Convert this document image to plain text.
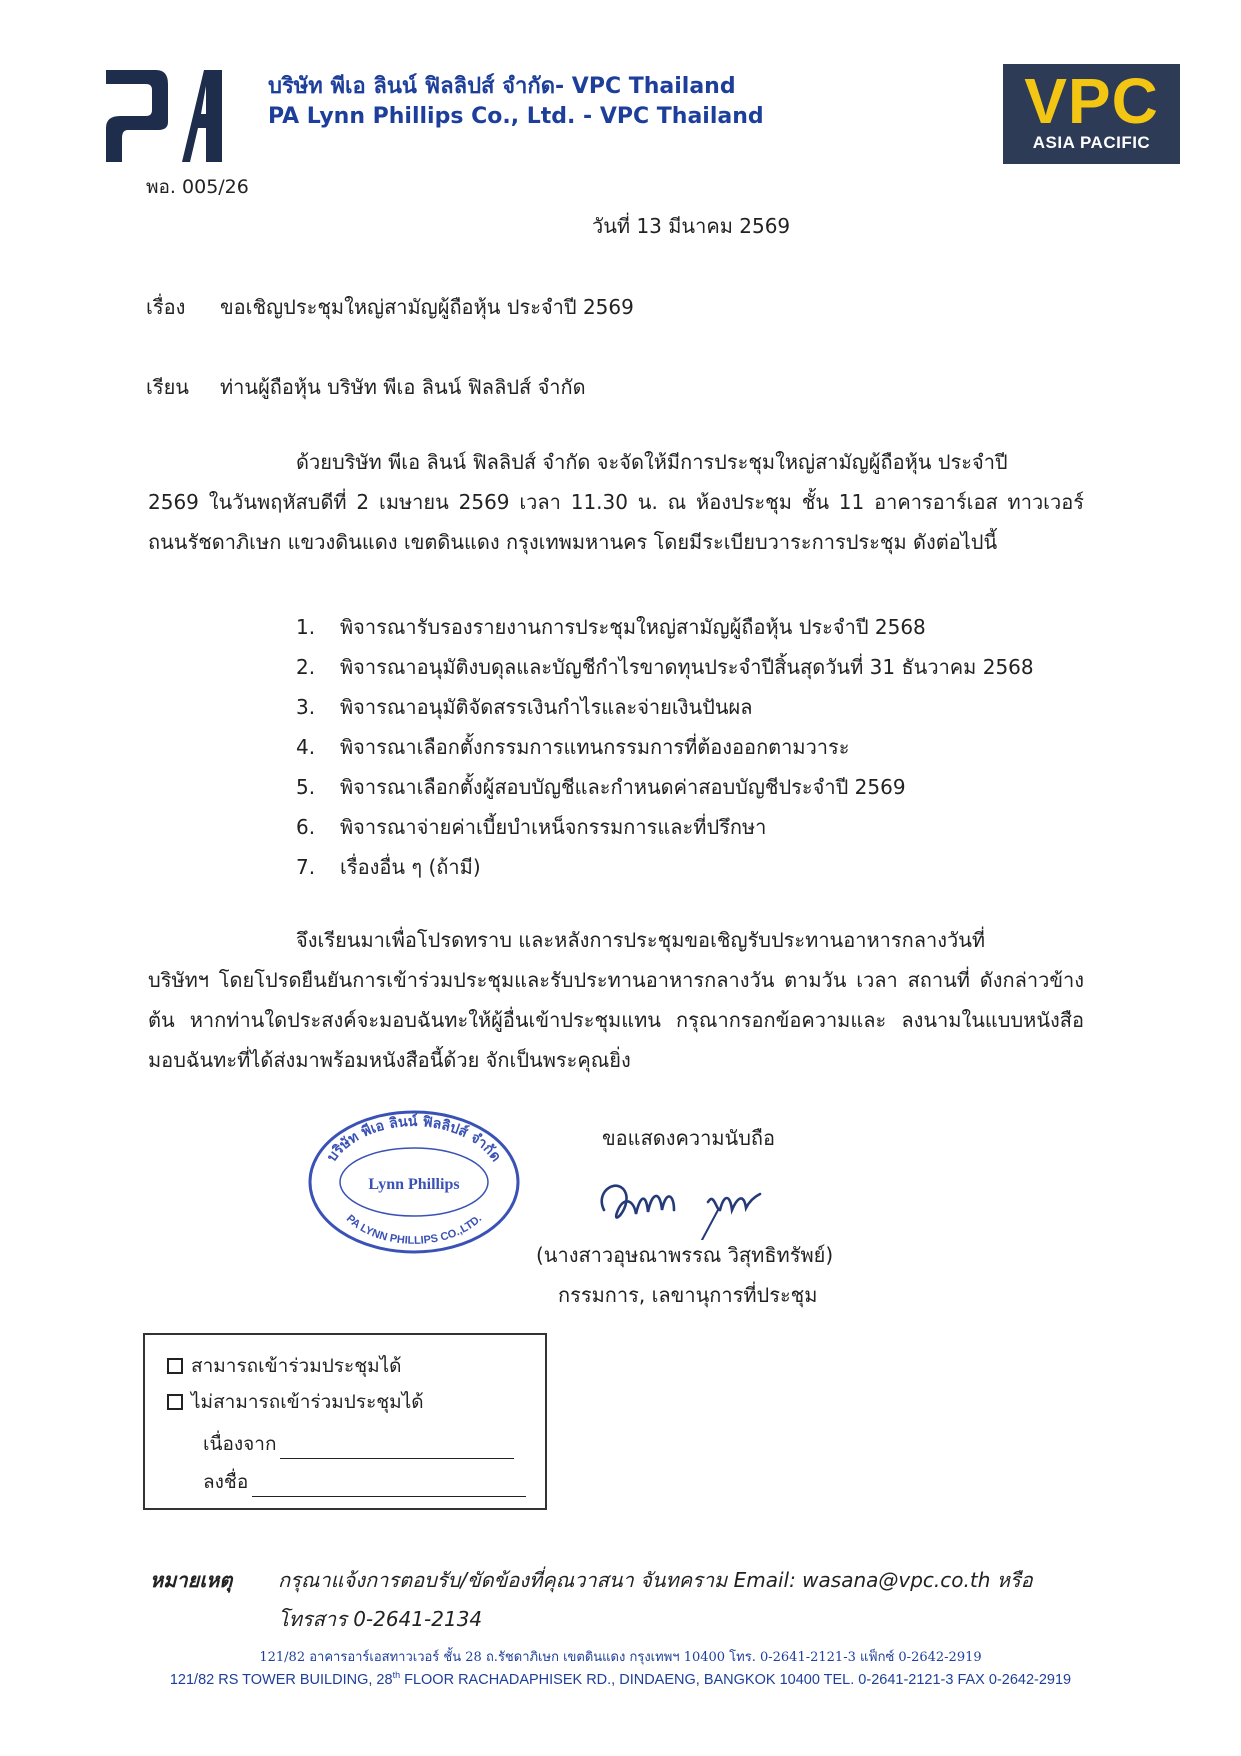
บริษัท พีเอ ลินน์ ฟิลลิปส์ จำกัด- VPC Thailand
PA Lynn Phillips Co., Ltd. - VPC Thailand	VPC
ASIA PACIFIC
พอ. 005/26
วันที่ 13 มีนาคม 2569
เรื่อง ขอเชิญประชุมใหญ่สามัญผู้ถือหุ้น ประจำปี 2569
เรียน ท่านผู้ถือหุ้น บริษัท พีเอ ลินน์ ฟิลลิปส์ จำกัด
ด้วยบริษัท พีเอ ลินน์ ฟิลลิปส์ จำกัด จะจัดให้มีการประชุมใหญ่สามัญผู้ถือหุ้น ประจำปี
2569 ในวันพฤหัสบดีที่ 2 เมษายน 2569 เวลา 11.30 น. ณ ห้องประชุม ชั้น 11 อาคารอาร์เอส ทาวเวอร์ ถนนรัชดาภิเษก แขวงดินแดง เขตดินแดง กรุงเทพมหานคร โดยมีระเบียบวาระการประชุม ดังต่อไปนี้
1.	พิจารณารับรองรายงานการประชุมใหญ่สามัญผู้ถือหุ้น ประจำปี 2568
2.	พิจารณาอนุมัติงบดุลและบัญชีกำไรขาดทุนประจำปีสิ้นสุดวันที่ 31 ธันวาคม 2568
3.	พิจารณาอนุมัติจัดสรรเงินกำไรและจ่ายเงินปันผล
4.	พิจารณาเลือกตั้งกรรมการแทนกรรมการที่ต้องออกตามวาระ
5.	พิจารณาเลือกตั้งผู้สอบบัญชีและกำหนดค่าสอบบัญชีประจำปี 2569
6.	พิจารณาจ่ายค่าเบี้ยบำเหน็จกรรมการและที่ปรึกษา
7.	เรื่องอื่น ๆ (ถ้ามี)
จึงเรียนมาเพื่อโปรดทราบ และหลังการประชุมขอเชิญรับประทานอาหารกลางวันที่
บริษัทฯ โดยโปรดยืนยันการเข้าร่วมประชุมและรับประทานอาหารกลางวัน ตามวัน เวลา สถานที่ ดังกล่าวข้างต้น หากท่านใดประสงค์จะมอบฉันทะให้ผู้อื่นเข้าประชุมแทน กรุณากรอกข้อความและ ลงนามในแบบหนังสือมอบฉันทะที่ได้ส่งมาพร้อมหนังสือนี้ด้วย จักเป็นพระคุณยิ่ง
ขอแสดงความนับถือ
บริษัท พีเอ ลินน์ ฟิลลิปส์ จำกัด
Lynn Phillips
PA LYNN PHILLIPS CO.,LTD.
(นางสาวอุษณาพรรณ วิสุทธิทรัพย์)
กรรมการ, เลขานุการที่ประชุม
สามารถเข้าร่วมประชุมได้
ไม่สามารถเข้าร่วมประชุมได้
เนื่องจาก
ลงชื่อ
หมายเหตุ กรุณาแจ้งการตอบรับ/ขัดข้องที่คุณวาสนา จันทคราม Email: wasana@vpc.co.th หรือ
โทรสาร 0-2641-2134
121/82 อาคารอาร์เอสทาวเวอร์ ชั้น 28 ถ.รัชดาภิเษก เขตดินแดง กรุงเทพฯ 10400 โทร. 0-2641-2121-3 แฟ็กซ์ 0-2642-2919
121/82 RS TOWER BUILDING, 28th FLOOR RACHADAPHISEK RD., DINDAENG, BANGKOK 10400 TEL. 0-2641-2121-3 FAX 0-2642-2919
